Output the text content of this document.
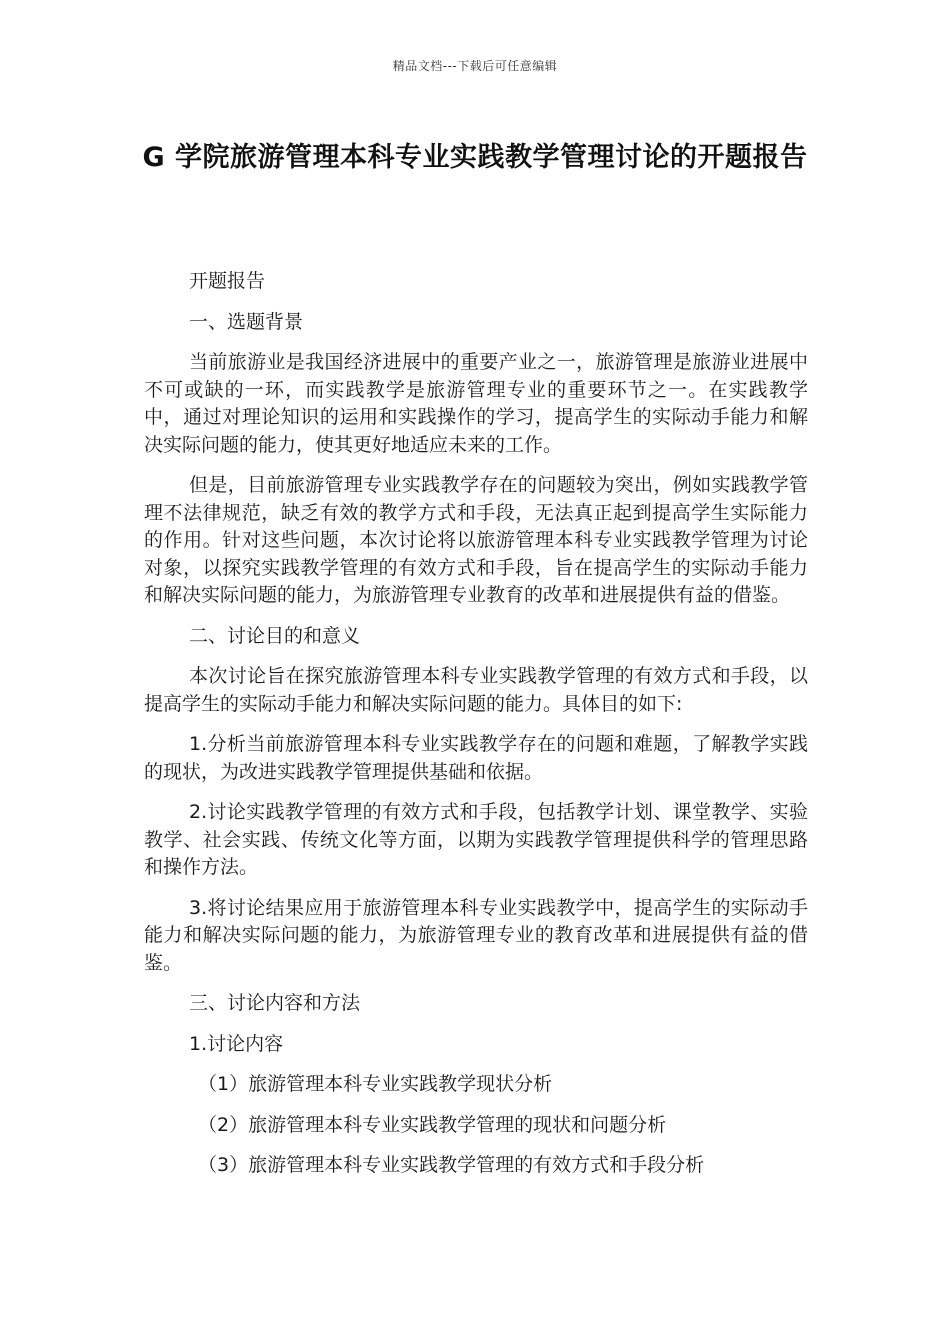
精品文档---下载后可任意编辑
G 学院旅游管理本科专业实践教学管理讨论的开题报告

开题报告

一、选题背景

当前旅游业是我国经济进展中的重要产业之一，旅游管理是旅游业进展中不可或缺的一环，而实践教学是旅游管理专业的重要环节之一。在实践教学中，通过对理论知识的运用和实践操作的学习，提高学生的实际动手能力和解决实际问题的能力，使其更好地适应未来的工作。

但是，目前旅游管理专业实践教学存在的问题较为突出，例如实践教学管理不法律规范，缺乏有效的教学方式和手段，无法真正起到提高学生实际能力的作用。针对这些问题，本次讨论将以旅游管理本科专业实践教学管理为讨论对象，以探究实践教学管理的有效方式和手段，旨在提高学生的实际动手能力和解决实际问题的能力，为旅游管理专业教育的改革和进展提供有益的借鉴。

二、讨论目的和意义

本次讨论旨在探究旅游管理本科专业实践教学管理的有效方式和手段，以提高学生的实际动手能力和解决实际问题的能力。具体目的如下:

1.分析当前旅游管理本科专业实践教学存在的问题和难题，了解教学实践的现状，为改进实践教学管理提供基础和依据。

2.讨论实践教学管理的有效方式和手段，包括教学计划、课堂教学、实验教学、社会实践、传统文化等方面，以期为实践教学管理提供科学的管理思路和操作方法。

3.将讨论结果应用于旅游管理本科专业实践教学中，提高学生的实际动手能力和解决实际问题的能力，为旅游管理专业的教育改革和进展提供有益的借鉴。

三、讨论内容和方法

1.讨论内容

（1）旅游管理本科专业实践教学现状分析

（2）旅游管理本科专业实践教学管理的现状和问题分析

（3）旅游管理本科专业实践教学管理的有效方式和手段分析
